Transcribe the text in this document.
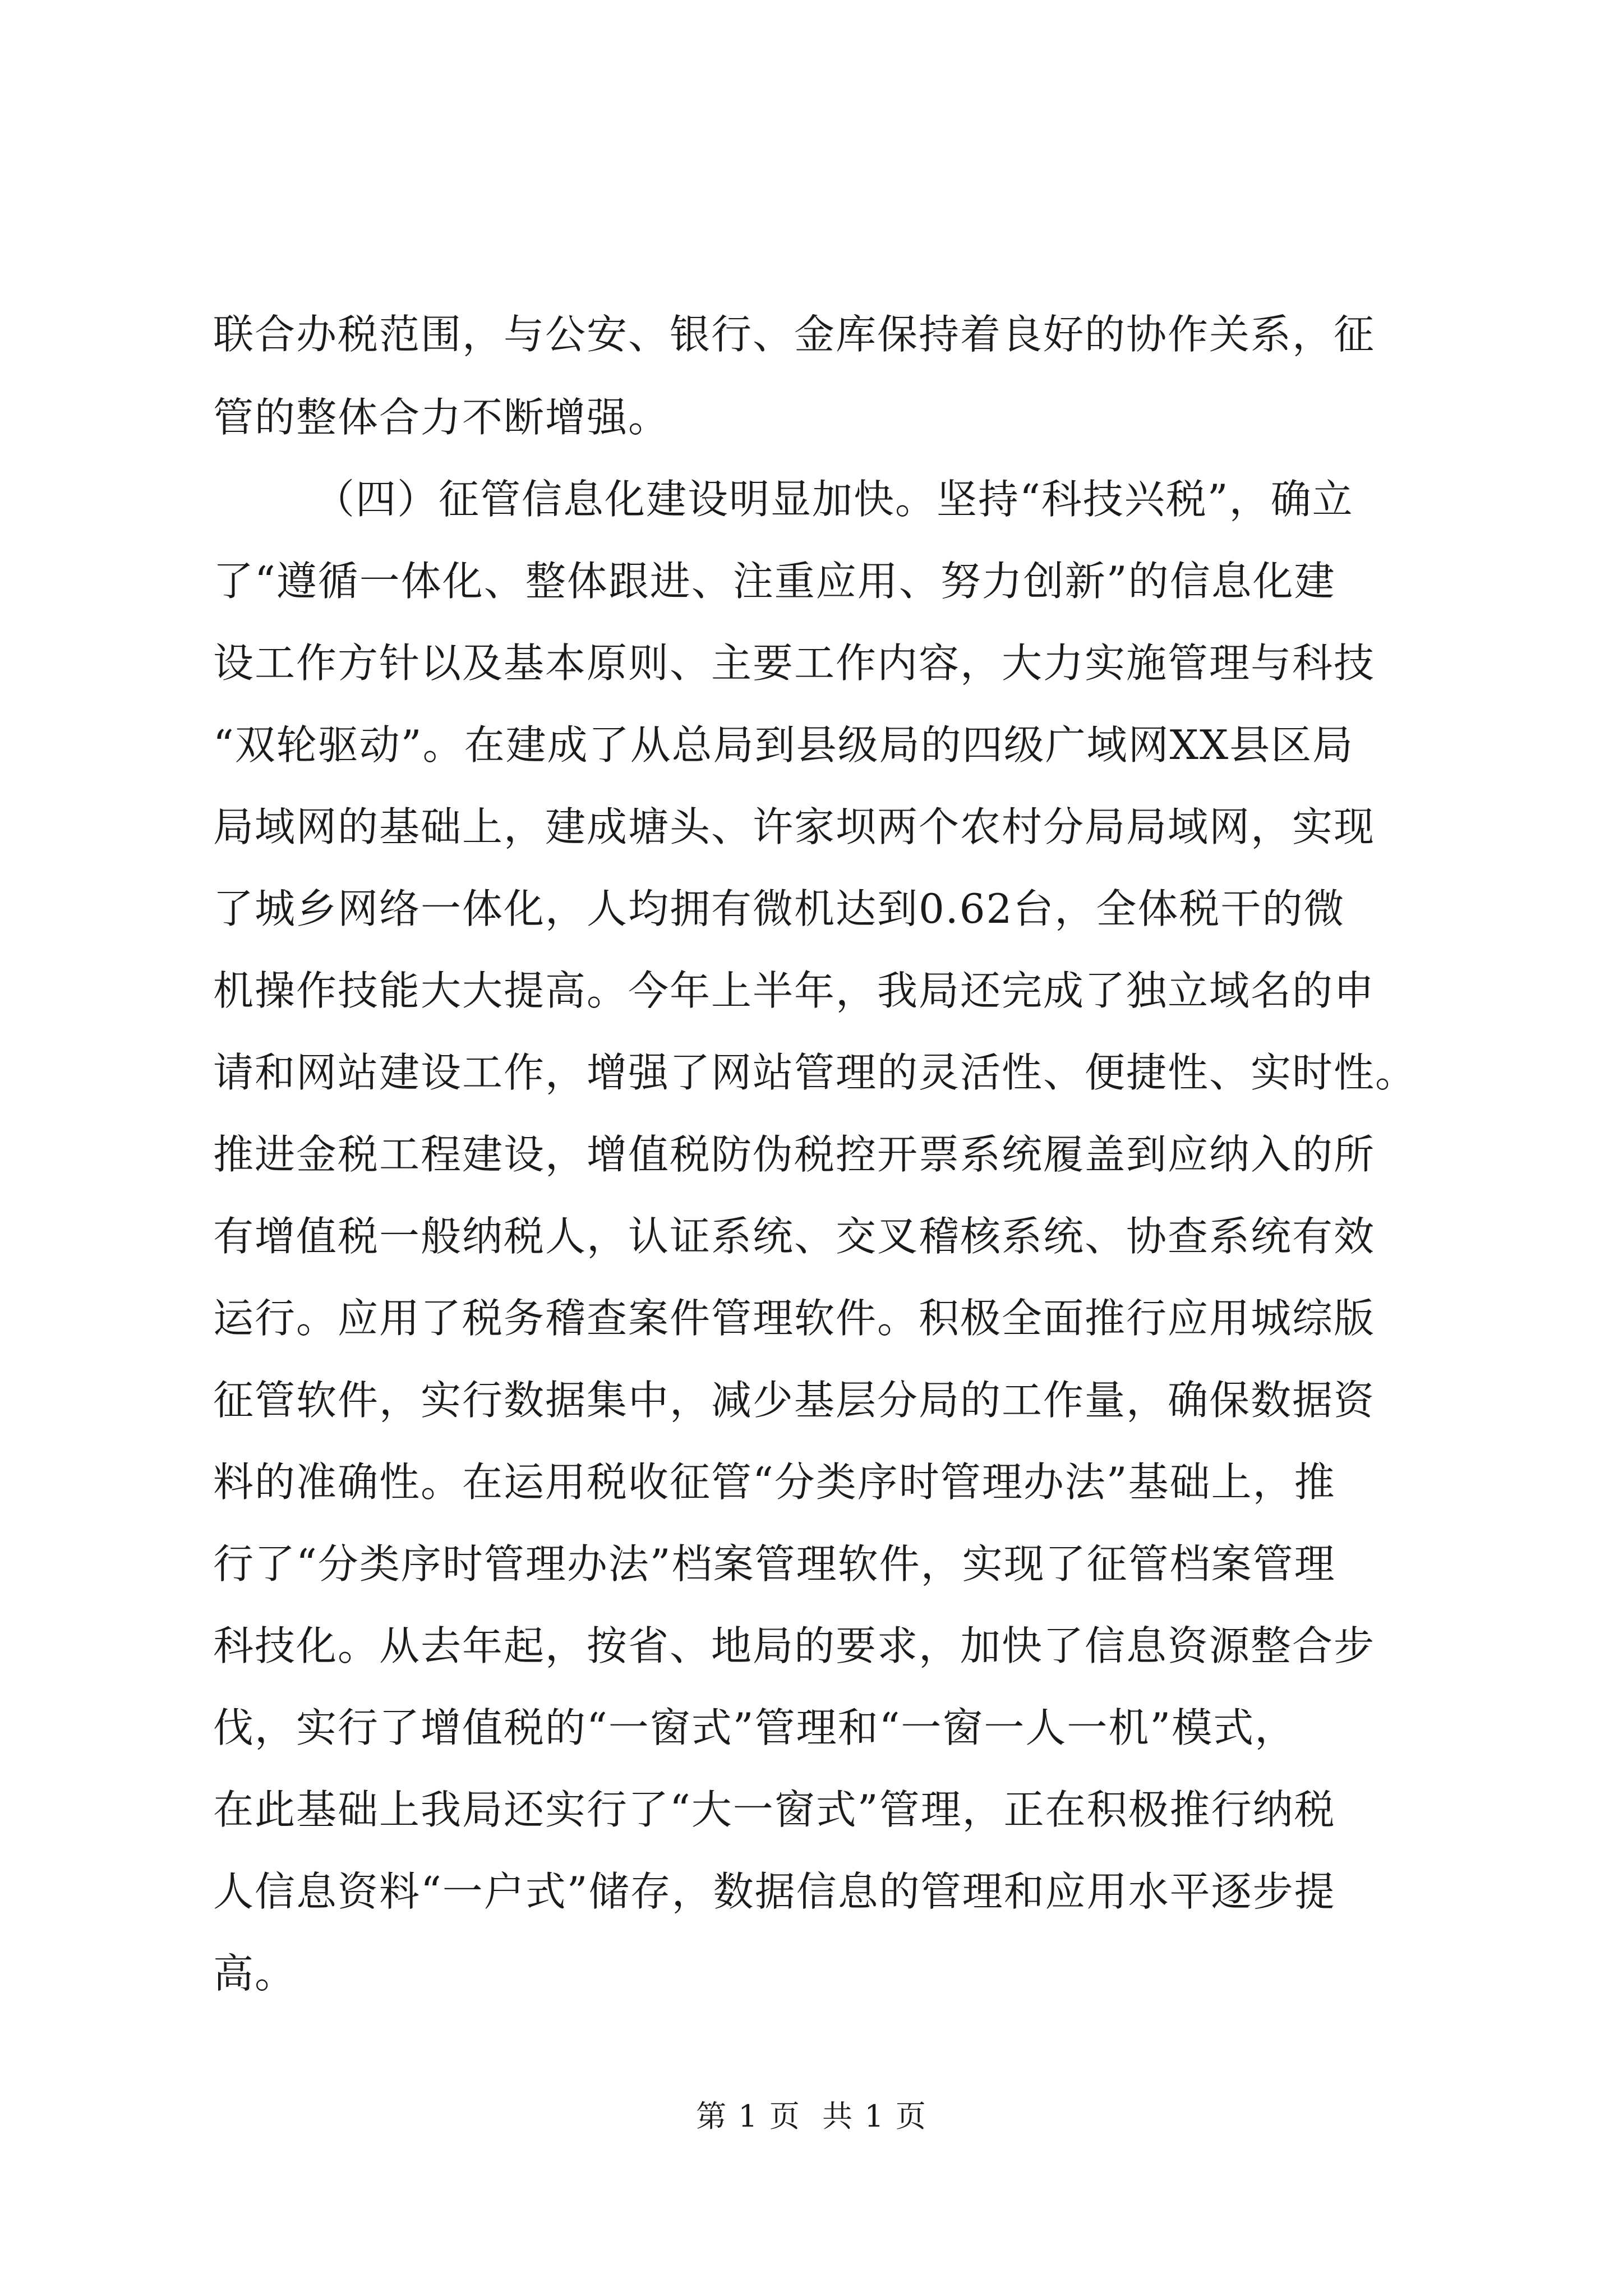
联合办税范围，与公安、银行、金库保持着良好的协作关系，征
管的整体合力不断增强。
（四）征管信息化建设明显加快。坚持“科技兴税”，确立
了“遵循一体化、整体跟进、注重应用、努力创新”的信息化建
设工作方针以及基本原则、主要工作内容，大力实施管理与科技
“双轮驱动”。在建成了从总局到县级局的四级广域网XX县区局
局域网的基础上，建成塘头、许家坝两个农村分局局域网，实现
了城乡网络一体化，人均拥有微机达到0.62台，全体税干的微
机操作技能大大提高。今年上半年，我局还完成了独立域名的申
请和网站建设工作，增强了网站管理的灵活性、便捷性、实时性。
推进金税工程建设，增值税防伪税控开票系统履盖到应纳入的所
有增值税一般纳税人，认证系统、交叉稽核系统、协查系统有效
运行。应用了税务稽查案件管理软件。积极全面推行应用城综版
征管软件，实行数据集中，减少基层分局的工作量，确保数据资
料的准确性。在运用税收征管“分类序时管理办法”基础上，推
行了“分类序时管理办法”档案管理软件，实现了征管档案管理
科技化。从去年起，按省、地局的要求，加快了信息资源整合步
伐，实行了增值税的“一窗式”管理和“一窗一人一机”模式，
在此基础上我局还实行了“大一窗式”管理，正在积极推行纳税
人信息资料“一户式”储存，数据信息的管理和应用水平逐步提
高。
第 1 页  共 1 页
